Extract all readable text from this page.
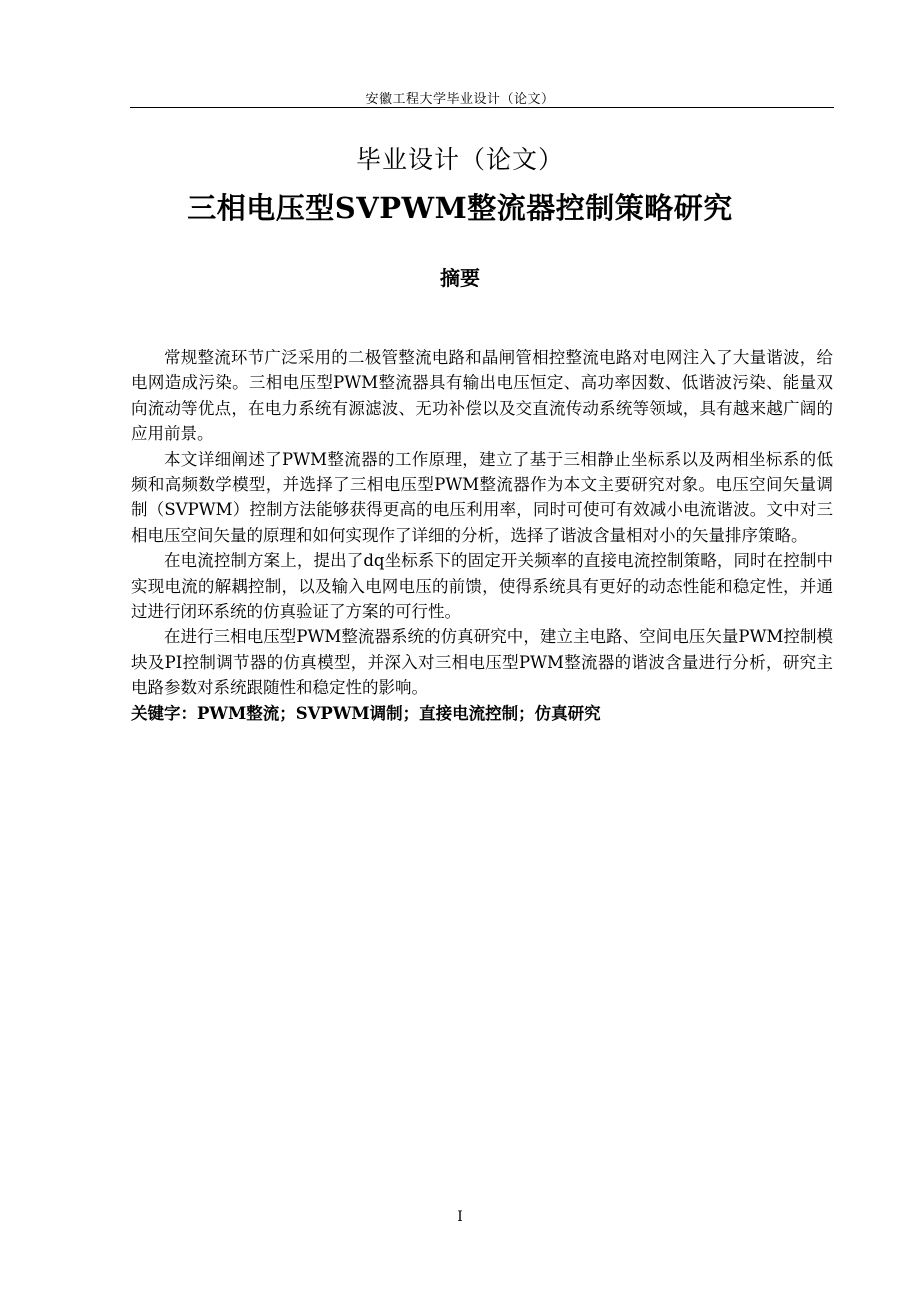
安徽工程大学毕业设计（论文）
毕业设计（论文）
三相电压型SVPWM整流器控制策略研究
摘要

常规整流环节广泛采用的二极管整流电路和晶闸管相控整流电路对电网注入了大量谐波，给电网造成污染。三相电压型PWM整流器具有输出电压恒定、高功率因数、低谐波污染、能量双向流动等优点，在电力系统有源滤波、无功补偿以及交直流传动系统等领域，具有越来越广阔的应用前景。

本文详细阐述了PWM整流器的工作原理，建立了基于三相静止坐标系以及两相坐标系的低频和高频数学模型，并选择了三相电压型PWM整流器作为本文主要研究对象。电压空间矢量调制（SVPWM）控制方法能够获得更高的电压利用率，同时可使可有效减小电流谐波。文中对三相电压空间矢量的原理和如何实现作了详细的分析，选择了谐波含量相对小的矢量排序策略。

在电流控制方案上，提出了dq坐标系下的固定开关频率的直接电流控制策略，同时在控制中实现电流的解耦控制，以及输入电网电压的前馈，使得系统具有更好的动态性能和稳定性，并通过进行闭环系统的仿真验证了方案的可行性。

在进行三相电压型PWM整流器系统的仿真研究中，建立主电路、空间电压矢量PWM控制模块及PI控制调节器的仿真模型，并深入对三相电压型PWM整流器的谐波含量进行分析，研究主电路参数对系统跟随性和稳定性的影响。

关键字：PWM整流；SVPWM调制；直接电流控制；仿真研究
I
